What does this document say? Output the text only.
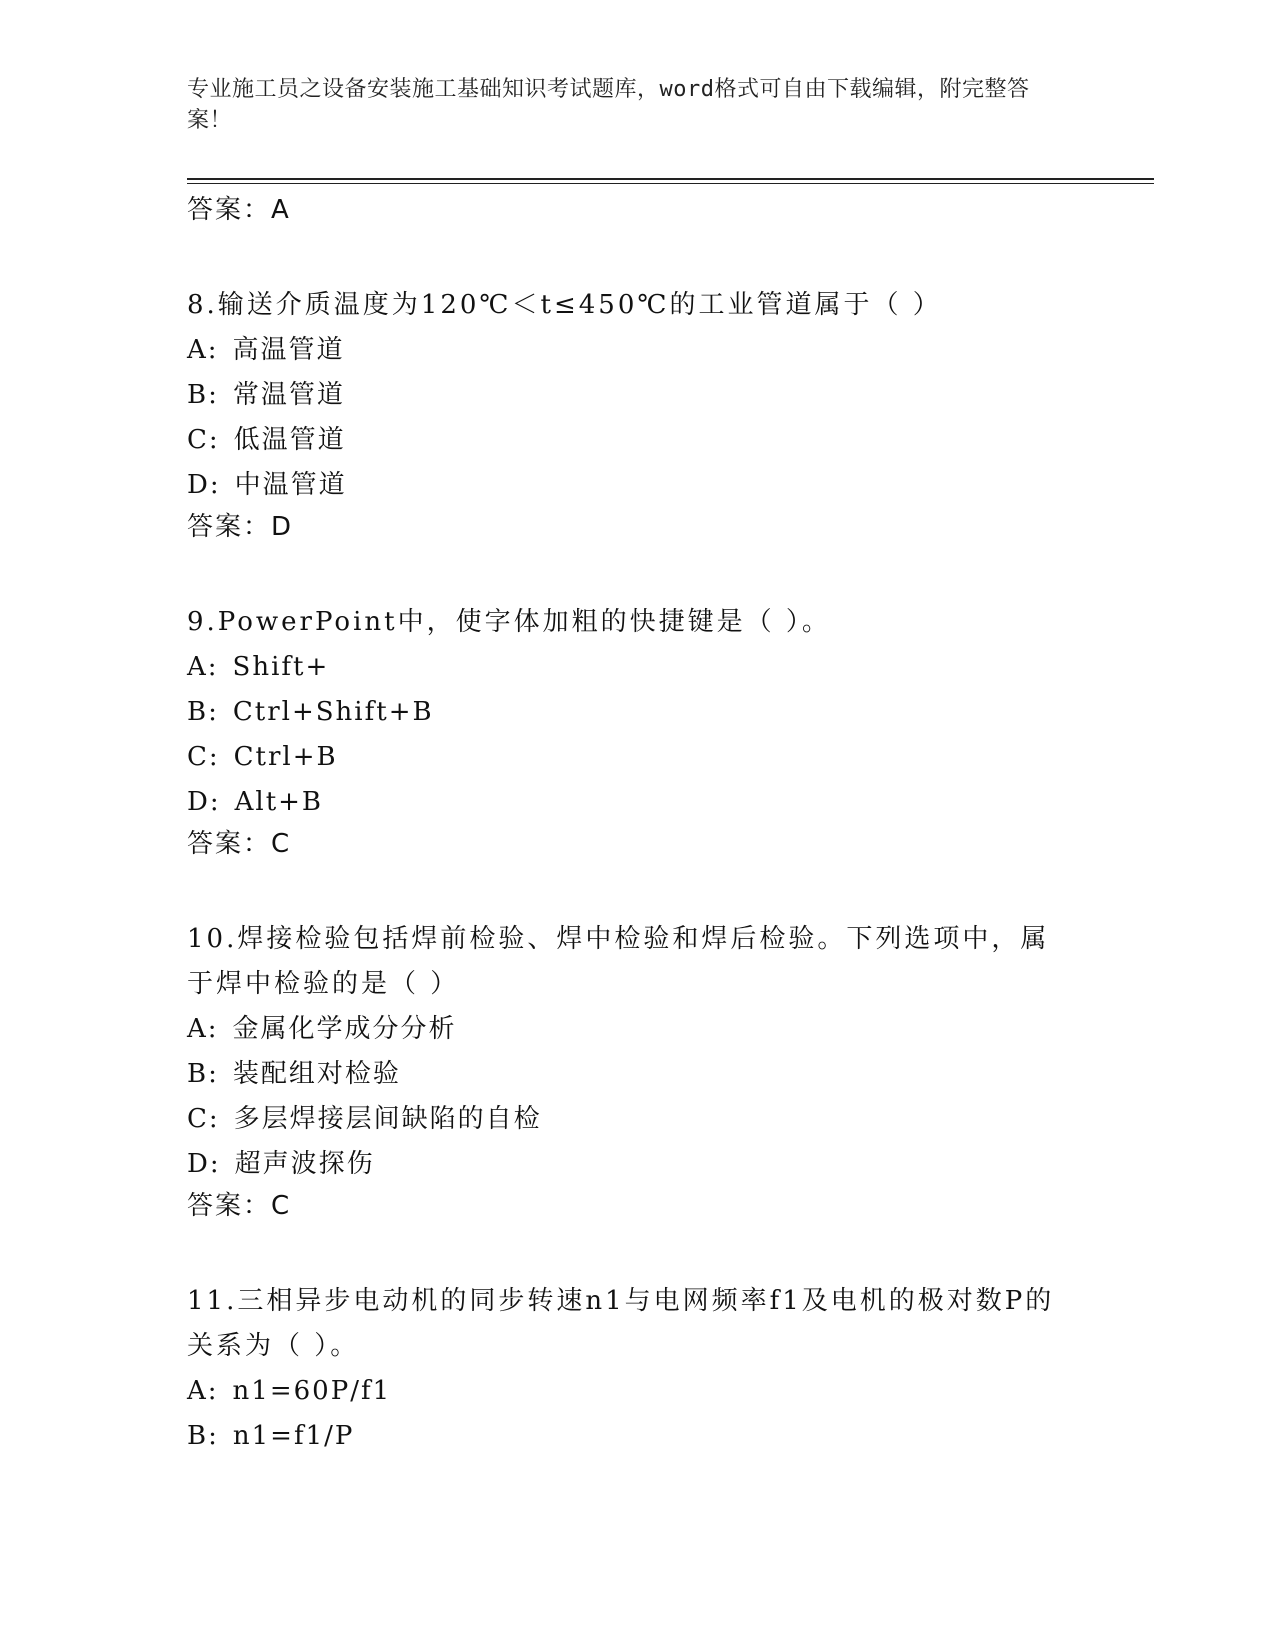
专业施工员之设备安装施工基础知识考试题库，word格式可自由下载编辑，附完整答案！
答案：A
8.输送介质温度为120℃＜t≤450℃的工业管道属于（ ）
A: 高温管道
B: 常温管道
C: 低温管道
D: 中温管道
答案：D
9.PowerPoint中，使字体加粗的快捷键是（ ）。
A: Shift+
B: Ctrl+Shift+B
C: Ctrl+B
D: Alt+B
答案：C
10.焊接检验包括焊前检验、焊中检验和焊后检验。下列选项中，属于焊中检验的是（ ）
A: 金属化学成分分析
B: 装配组对检验
C: 多层焊接层间缺陷的自检
D: 超声波探伤
答案：C
11.三相异步电动机的同步转速n1与电网频率f1及电机的极对数P的关系为（ ）。
A: n1=60P/f1
B: n1=f1/P
